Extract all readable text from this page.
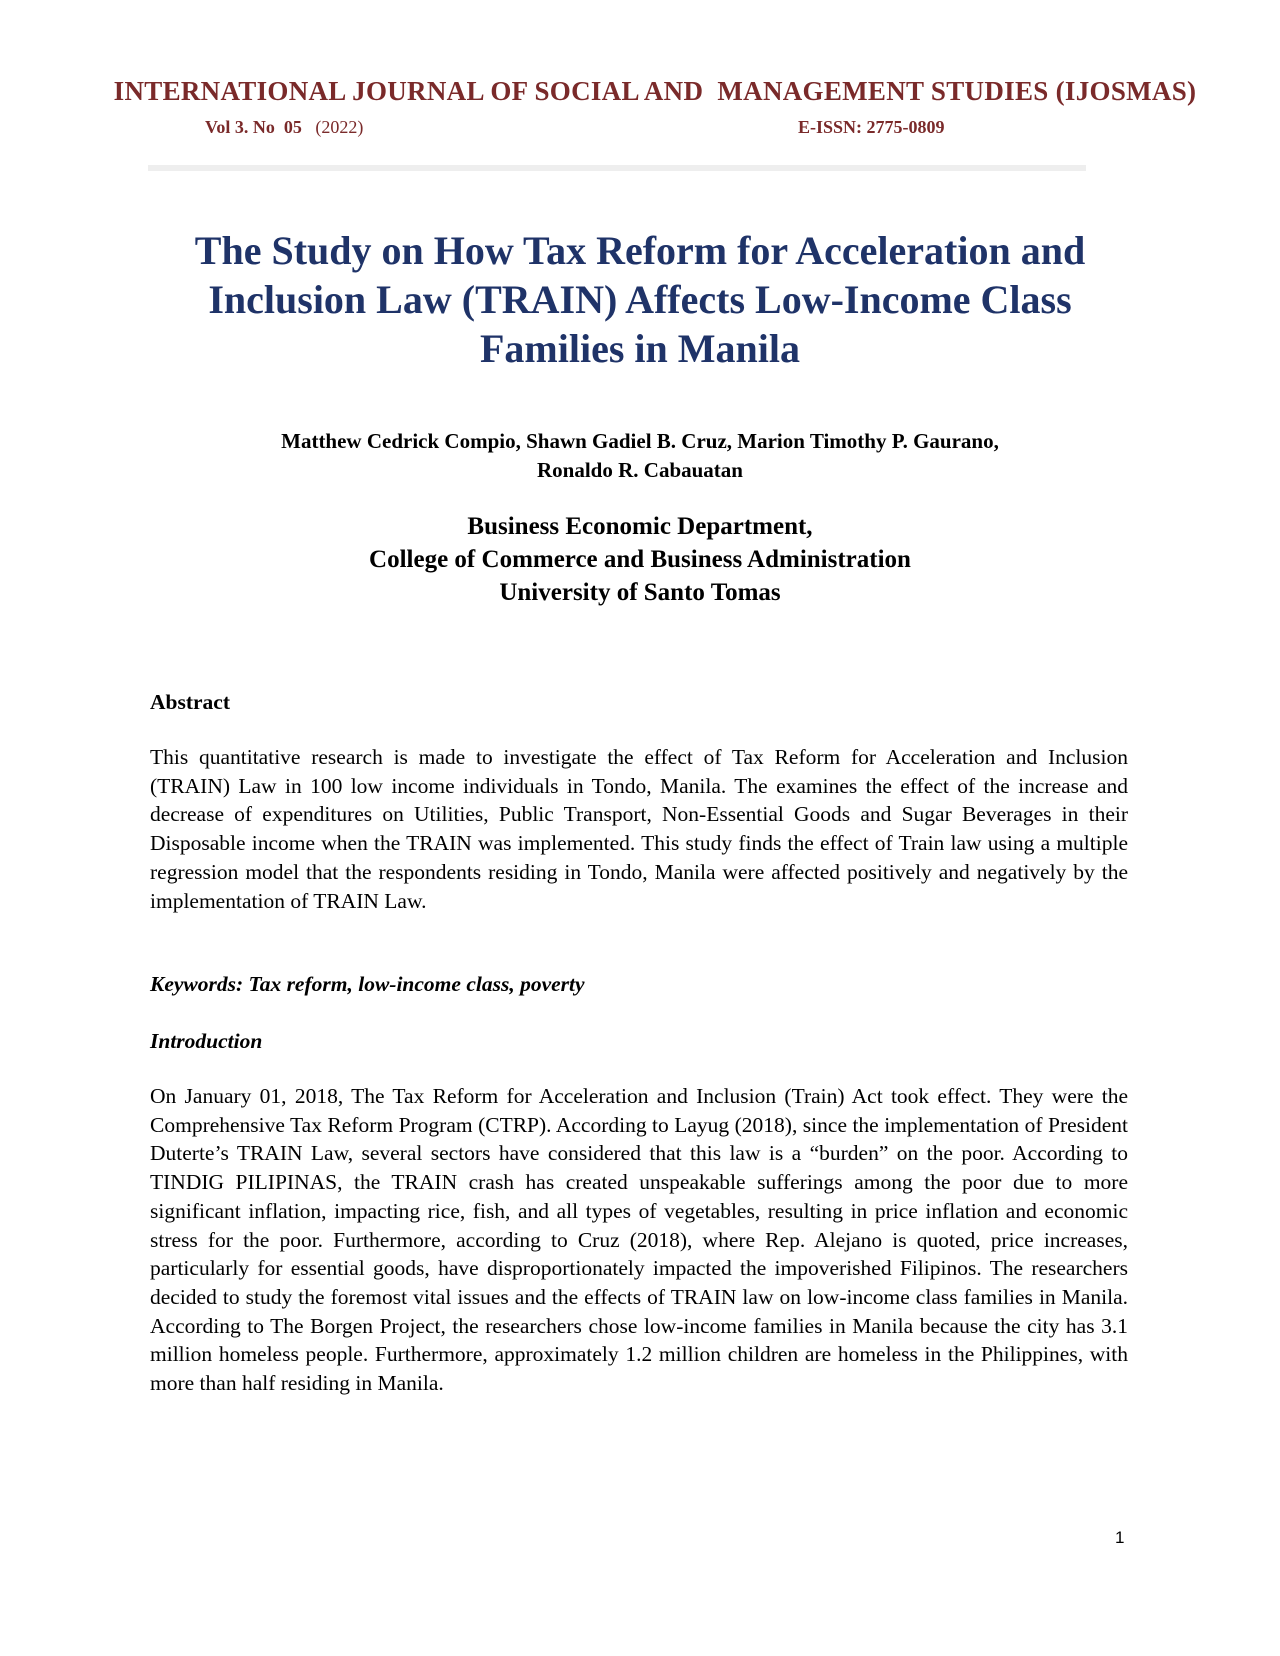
INTERNATIONAL JOURNAL OF SOCIAL AND  MANAGEMENT STUDIES (IJOSMAS)
Vol 3. No  05 (2022)	E-ISSN: 2775-0809
The Study on How Tax Reform for Acceleration and
Inclusion Law (TRAIN) Affects Low-Income Class
Families in Manila
Matthew Cedrick Compio, Shawn Gadiel B. Cruz, Marion Timothy P. Gaurano,
Ronaldo R. Cabauatan
Business Economic Department,
College of Commerce and Business Administration
University of Santo Tomas
Abstract
This quantitative research is made to investigate the effect of Tax Reform for Acceleration and Inclusion (TRAIN) Law in 100 low income individuals in Tondo, Manila. The examines the effect of the increase and decrease of expenditures on Utilities, Public Transport, Non-Essential Goods and Sugar Beverages in their Disposable income when the TRAIN was implemented. This study finds the effect of Train law using a multiple regression model that the respondents residing in Tondo, Manila were affected positively and negatively by the implementation of TRAIN Law.
Keywords: Tax reform, low-income class, poverty
Introduction
On January 01, 2018, The Tax Reform for Acceleration and Inclusion (Train) Act took effect. They were the Comprehensive Tax Reform Program (CTRP). According to Layug (2018), since the implementation of President Duterte’s TRAIN Law, several sectors have considered that this law is a “burden” on the poor. According to TINDIG PILIPINAS, the TRAIN crash has created unspeakable sufferings among the poor due to more significant inflation, impacting rice, fish, and all types of vegetables, resulting in price inflation and economic stress for the poor. Furthermore, according to Cruz (2018), where Rep. Alejano is quoted, price increases, particularly for essential goods, have disproportionately impacted the impoverished Filipinos. The researchers decided to study the foremost vital issues and the effects of TRAIN law on low-income class families in Manila. According to The Borgen Project, the researchers chose low-income families in Manila because the city has 3.1 million homeless people. Furthermore, approximately 1.2 million children are homeless in the Philippines, with more than half residing in Manila.
1
